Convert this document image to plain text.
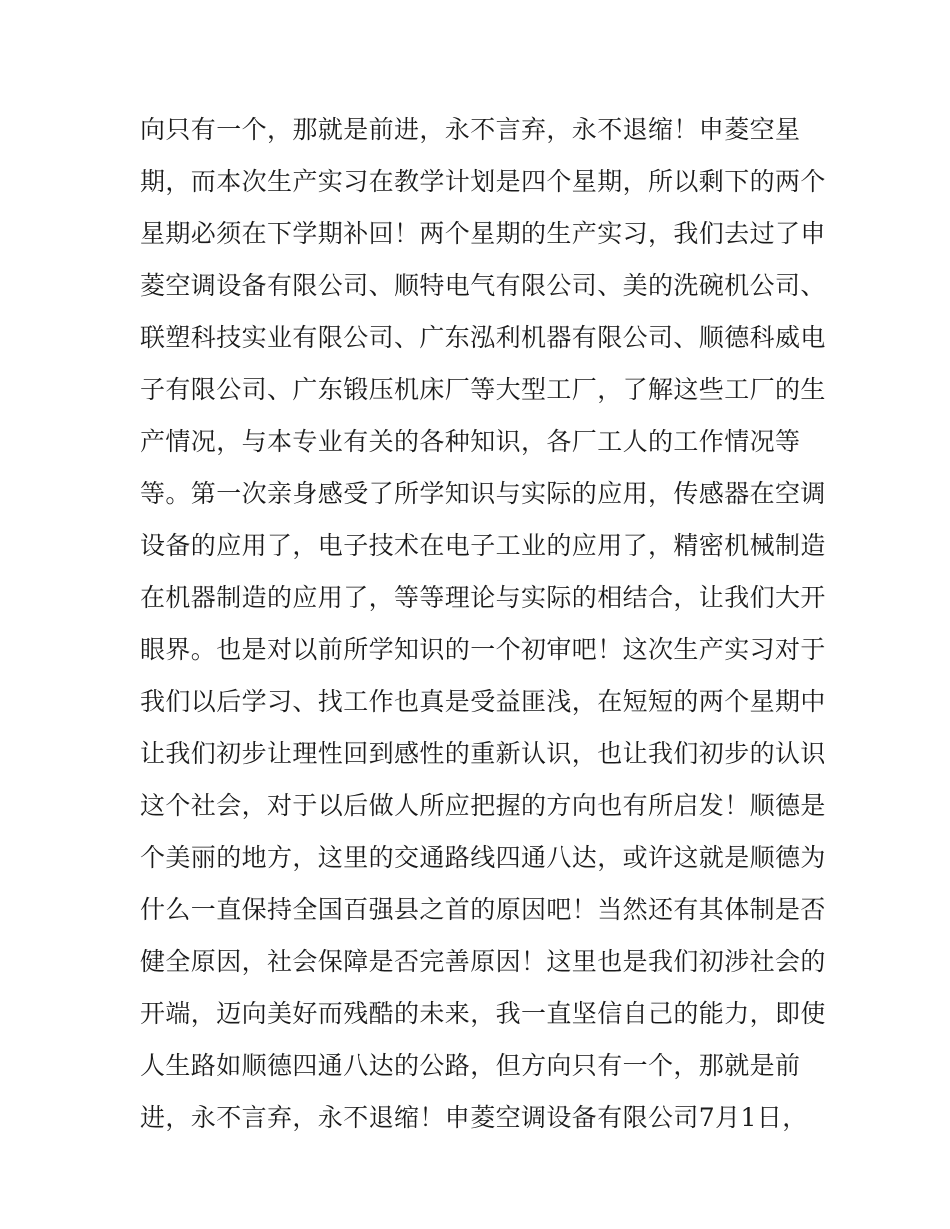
向只有一个，那就是前进，永不言弃，永不退缩！申菱空星
期，而本次生产实习在教学计划是四个星期，所以剩下的两个
星期必须在下学期补回！两个星期的生产实习，我们去过了申
菱空调设备有限公司、顺特电气有限公司、美的洗碗机公司、
联塑科技实业有限公司、广东泓利机器有限公司、顺德科威电
子有限公司、广东锻压机床厂等大型工厂，了解这些工厂的生
产情况，与本专业有关的各种知识，各厂工人的工作情况等
等。第一次亲身感受了所学知识与实际的应用，传感器在空调
设备的应用了，电子技术在电子工业的应用了，精密机械制造
在机器制造的应用了，等等理论与实际的相结合，让我们大开
眼界。也是对以前所学知识的一个初审吧！这次生产实习对于
我们以后学习、找工作也真是受益匪浅，在短短的两个星期中
让我们初步让理性回到感性的重新认识，也让我们初步的认识
这个社会，对于以后做人所应把握的方向也有所启发！顺德是
个美丽的地方，这里的交通路线四通八达，或许这就是顺德为
什么一直保持全国百强县之首的原因吧！当然还有其体制是否
健全原因，社会保障是否完善原因！这里也是我们初涉社会的
开端，迈向美好而残酷的未来，我一直坚信自己的能力，即使
人生路如顺德四通八达的公路，但方向只有一个，那就是前
进，永不言弃，永不退缩！申菱空调设备有限公司7月1日，
